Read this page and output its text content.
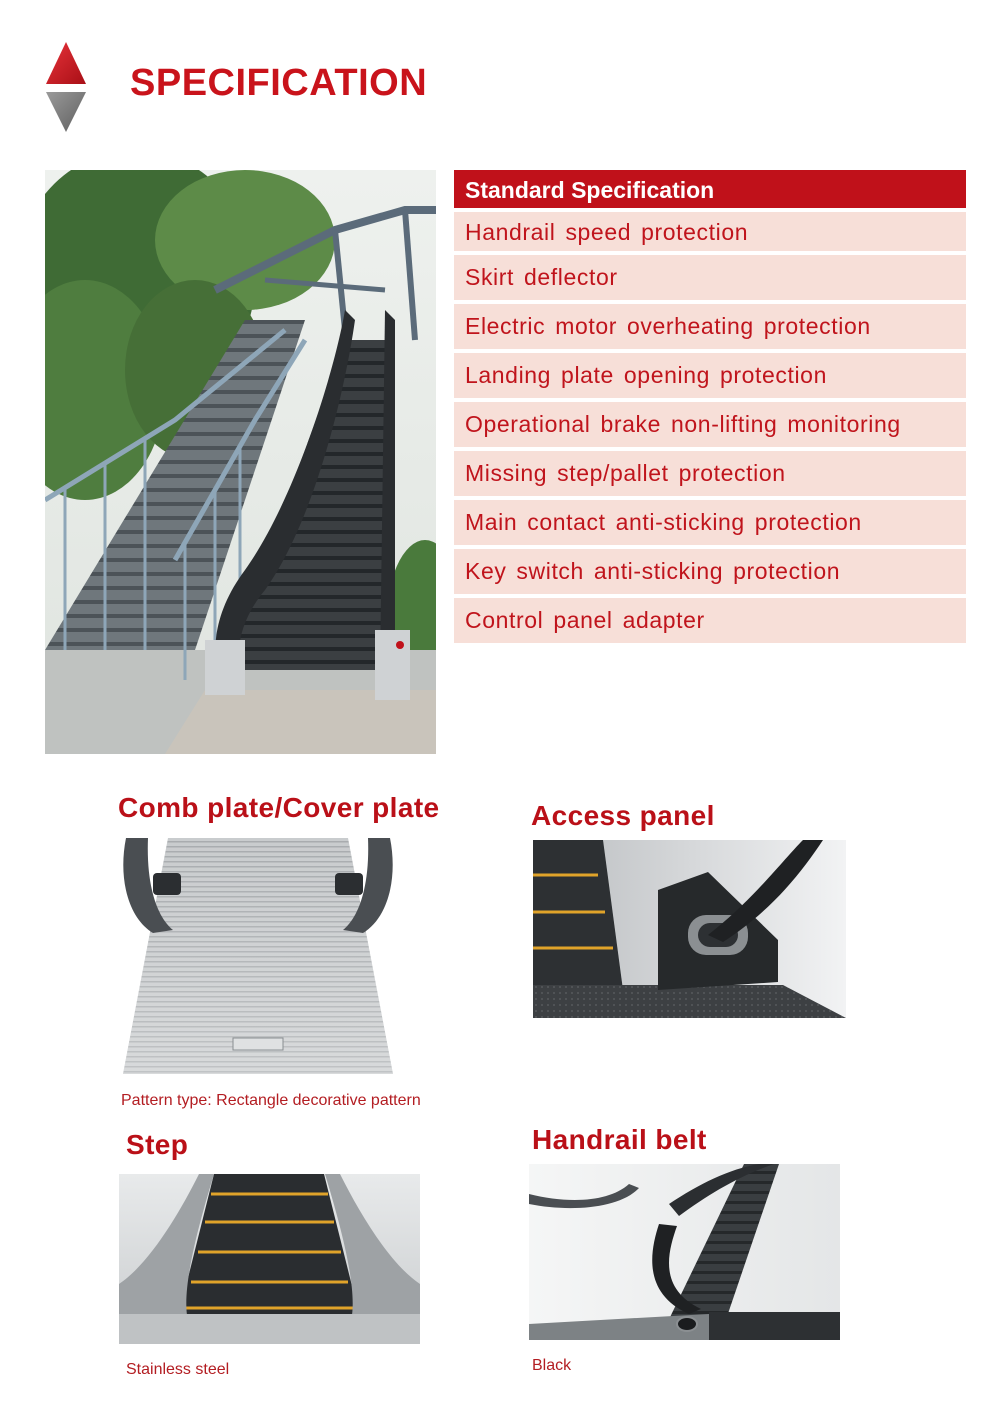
SPECIFICATION
Standard Specification
Handrail speed protection
Skirt deflector
Electric motor overheating protection
Landing plate opening protection
Operational brake non-lifting monitoring
Missing step/pallet protection
Main contact anti-sticking protection
Key switch anti-sticking protection
Control panel adapter
Comb plate/Cover plate
Pattern type: Rectangle decorative pattern
Access panel
Step
Stainless steel
Handrail belt
Black
